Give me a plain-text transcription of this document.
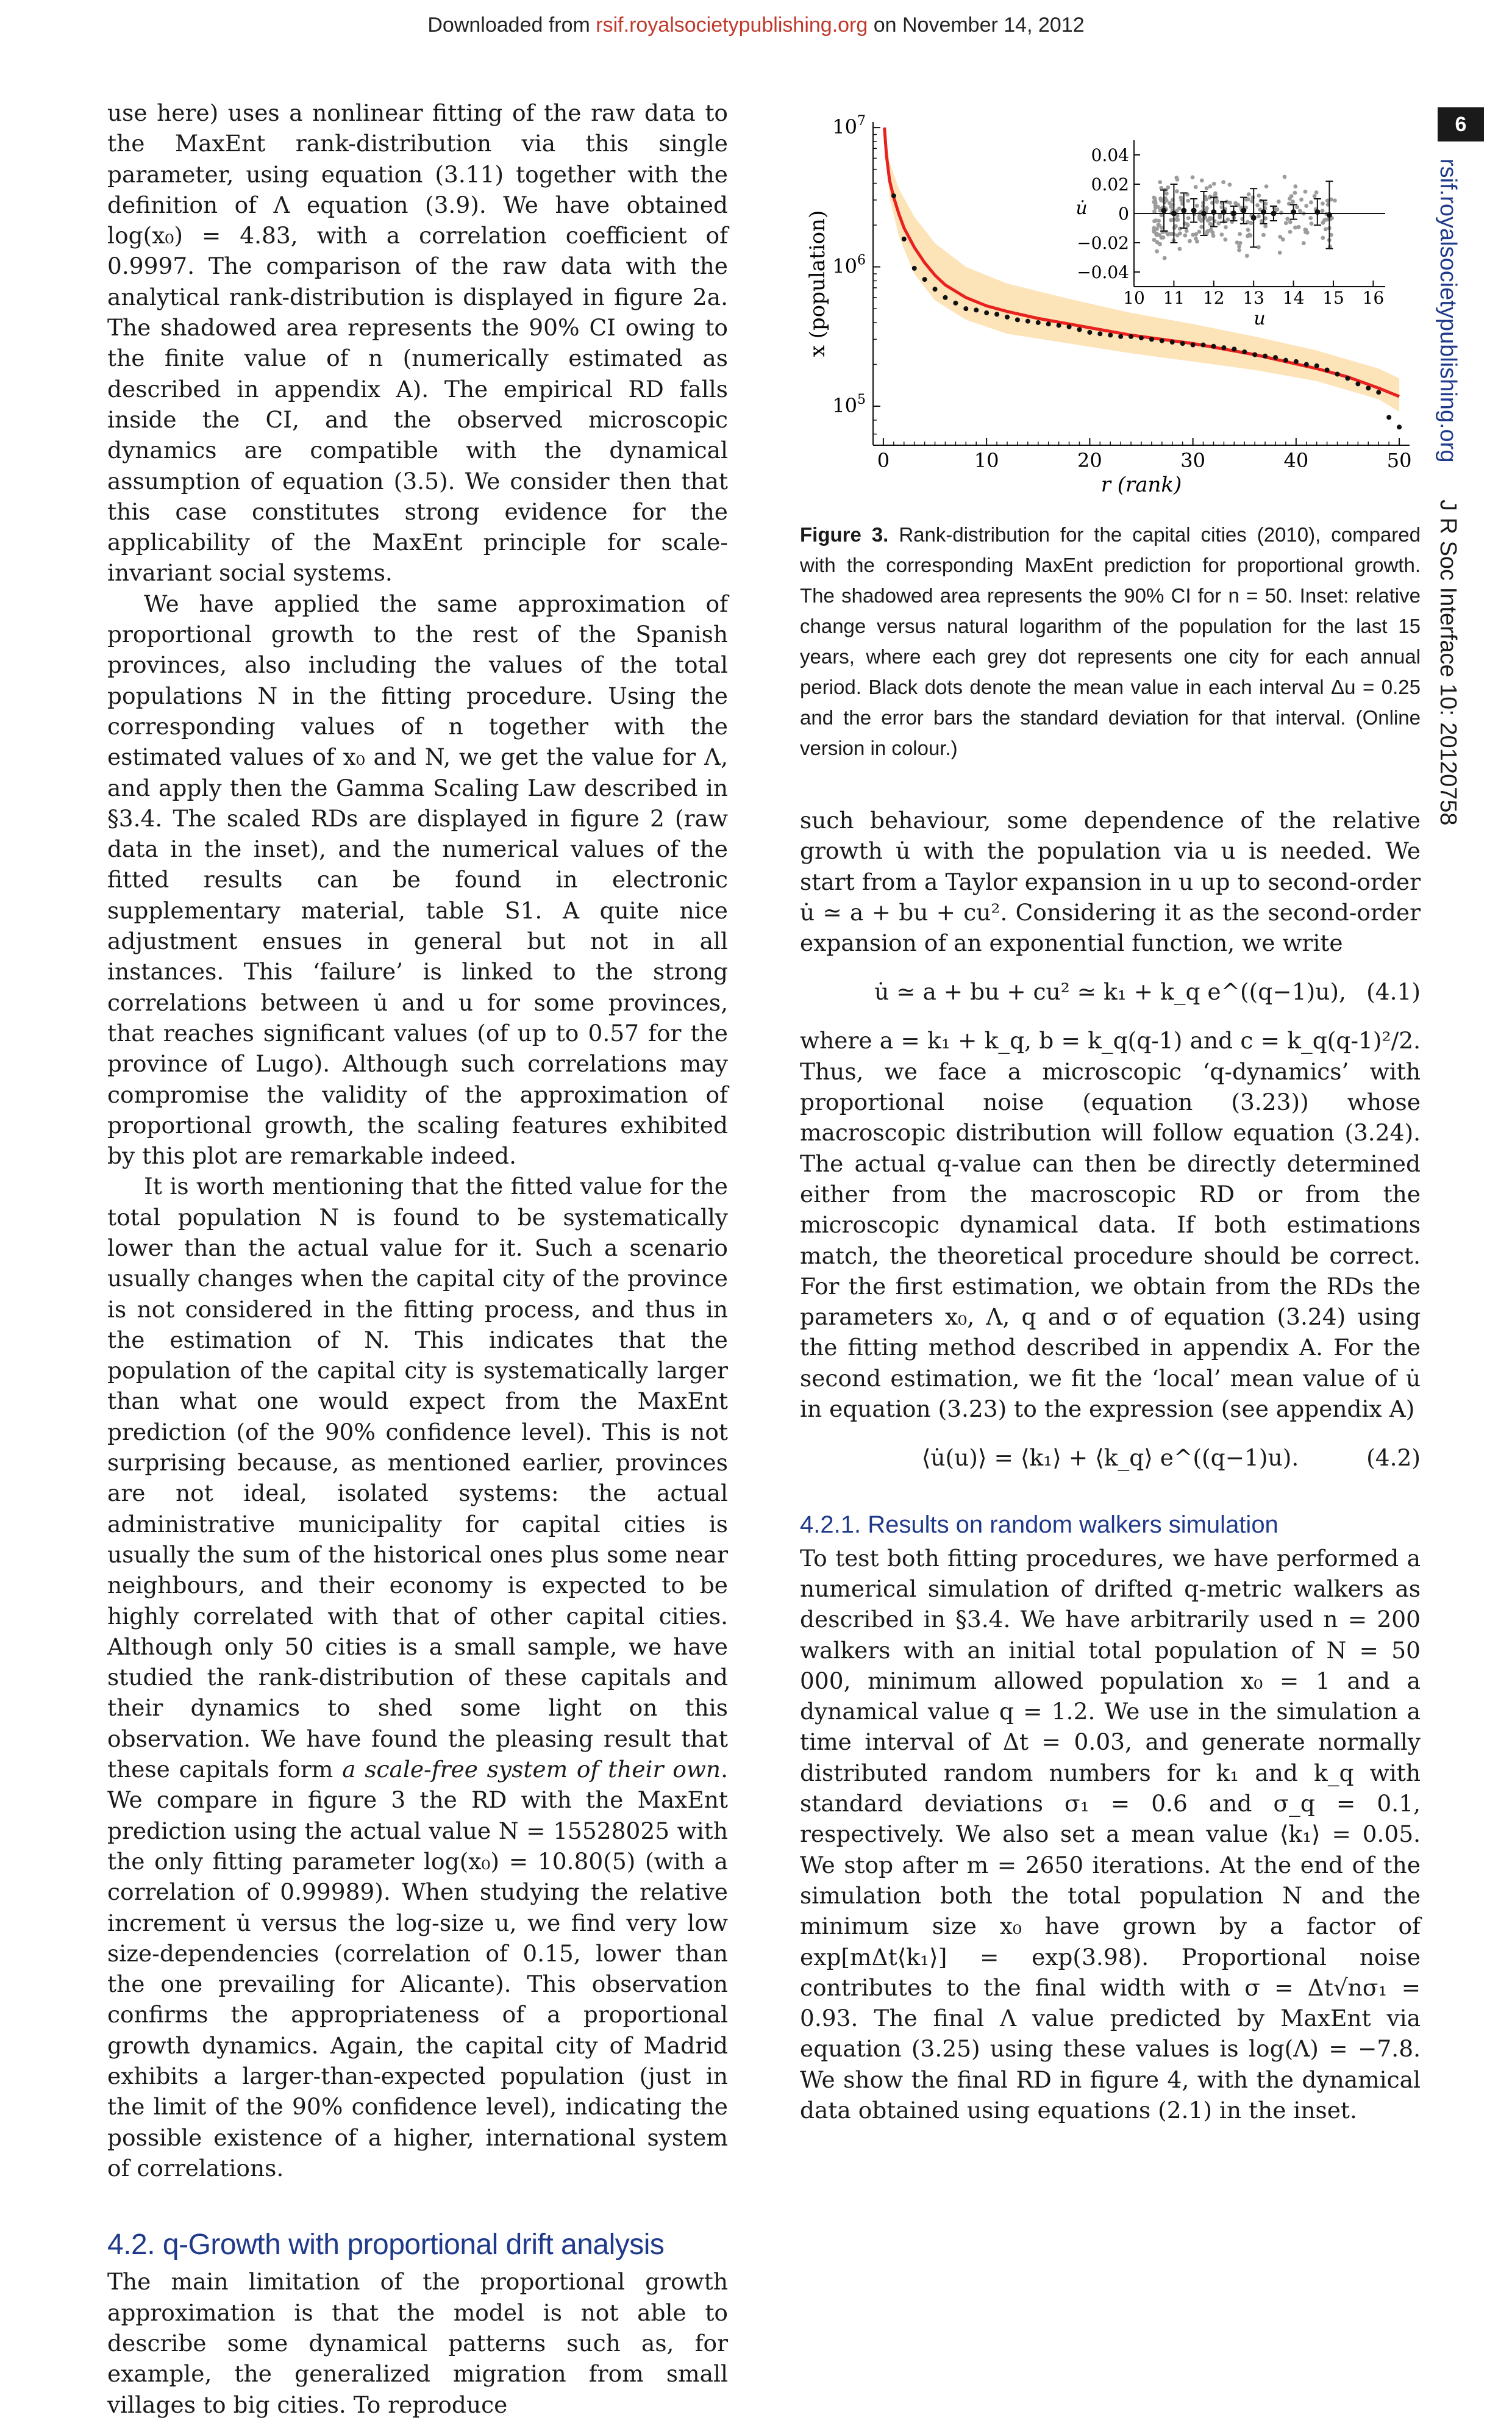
Downloaded from rsif.royalsocietypublishing.org on November 14, 2012
6
rsif.royalsocietypublishing.org J R Soc Interface 10: 20120758

use here) uses a nonlinear fitting of the raw data to the MaxEnt rank-distribution via this single parameter, using equation (3.11) together with the definition of Λ equation (3.9). We have obtained log(x₀) = 4.83, with a correlation coefficient of 0.9997. The comparison of the raw data with the analytical rank-distribution is displayed in figure 2a. The shadowed area represents the 90% CI owing to the finite value of n (numerically estimated as described in appendix A). The empirical RD falls inside the CI, and the observed microscopic dynamics are compatible with the dynamical assumption of equation (3.5). We consider then that this case constitutes strong evidence for the applicability of the MaxEnt principle for scale-invariant social systems.

We have applied the same approximation of proportional growth to the rest of the Spanish provinces, also including the values of the total populations N in the fitting procedure. Using the corresponding values of n together with the estimated values of x₀ and N, we get the value for Λ, and apply then the Gamma Scaling Law described in §3.4. The scaled RDs are displayed in figure 2 (raw data in the inset), and the numerical values of the fitted results can be found in electronic supplementary material, table S1. A quite nice adjustment ensues in general but not in all instances. This ‘failure’ is linked to the strong correlations between u̇ and u for some provinces, that reaches significant values (of up to 0.57 for the province of Lugo). Although such correlations may compromise the validity of the approximation of proportional growth, the scaling features exhibited by this plot are remarkable indeed.

It is worth mentioning that the fitted value for the total population N is found to be systematically lower than the actual value for it. Such a scenario usually changes when the capital city of the province is not considered in the fitting process, and thus in the estimation of N. This indicates that the population of the capital city is systematically larger than what one would expect from the MaxEnt prediction (of the 90% confidence level). This is not surprising because, as mentioned earlier, provinces are not ideal, isolated systems: the actual administrative municipality for capital cities is usually the sum of the historical ones plus some near neighbours, and their economy is expected to be highly correlated with that of other capital cities. Although only 50 cities is a small sample, we have studied the rank-distribution of these capitals and their dynamics to shed some light on this observation. We have found the pleasing result that these capitals form a scale-free system of their own. We compare in figure 3 the RD with the MaxEnt prediction using the actual value N = 15528025 with the only fitting parameter log(x₀) = 10.80(5) (with a correlation of 0.99989). When studying the relative increment u̇ versus the log-size u, we find very low size-dependencies (correlation of 0.15, lower than the one prevailing for Alicante). This observation confirms the appropriateness of a proportional growth dynamics. Again, the capital city of Madrid exhibits a larger-than-expected population (just in the limit of the 90% confidence level), indicating the possible existence of a higher, international system of correlations.

4.2. q-Growth with proportional drift analysis

The main limitation of the proportional growth approximation is that the model is not able to describe some dynamical patterns such as, for example, the generalized migration from small villages to big cities. To reproduce

0	10	20	30	40	50
$10^5$
$10^6$
$10^7$
r (rank)
x (population)	10 11 12 13 14 15 16
0.04
0.02
0
−0.02
−0.04
u
u̇
Figure 3. Rank-distribution for the capital cities (2010), compared with the corresponding MaxEnt prediction for proportional growth. The shadowed area represents the 90% CI for n = 50. Inset: relative change versus natural logarithm of the population for the last 15 years, where each grey dot represents one city for each annual period. Black dots denote the mean value in each interval Δu = 0.25 and the error bars the standard deviation for that interval. (Online version in colour.)

such behaviour, some dependence of the relative growth u̇ with the population via u is needed. We start from a Taylor expansion in u up to second-order u̇ ≃ a + bu + cu². Considering it as the second-order expansion of an exponential function, we write

u̇ ≃ a + bu + cu² ≃ k₁ + k_q e^((q−1)u), (4.1)

where a = k₁ + k_q, b = k_q(q-1) and c = k_q(q-1)²/2. Thus, we face a microscopic ‘q-dynamics’ with proportional noise (equation (3.23)) whose macroscopic distribution will follow equation (3.24). The actual q-value can then be directly determined either from the macroscopic RD or from the microscopic dynamical data. If both estimations match, the theoretical procedure should be correct. For the first estimation, we obtain from the RDs the parameters x₀, Λ, q and σ of equation (3.24) using the fitting method described in appendix A. For the second estimation, we fit the ‘local’ mean value of u̇ in equation (3.23) to the expression (see appendix A)

⟨u̇(u)⟩ = ⟨k₁⟩ + ⟨k_q⟩ e^((q−1)u).	(4.2)
4.2.1. Results on random walkers simulation

To test both fitting procedures, we have performed a numerical simulation of drifted q-metric walkers as described in §3.4. We have arbitrarily used n = 200 walkers with an initial total population of N = 50 000, minimum allowed population x₀ = 1 and a dynamical value q = 1.2. We use in the simulation a time interval of Δt = 0.03, and generate normally distributed random numbers for k₁ and k_q with standard deviations σ₁ = 0.6 and σ_q = 0.1, respectively. We also set a mean value ⟨k₁⟩ = 0.05. We stop after m = 2650 iterations. At the end of the simulation both the total population N and the minimum size x₀ have grown by a factor of exp[mΔt⟨k₁⟩] = exp(3.98). Proportional noise contributes to the final width with σ = Δt√nσ₁ = 0.93. The final Λ value predicted by MaxEnt via equation (3.25) using these values is log(Λ) = −7.8. We show the final RD in figure 4, with the dynamical data obtained using equations (2.1) in the inset.
